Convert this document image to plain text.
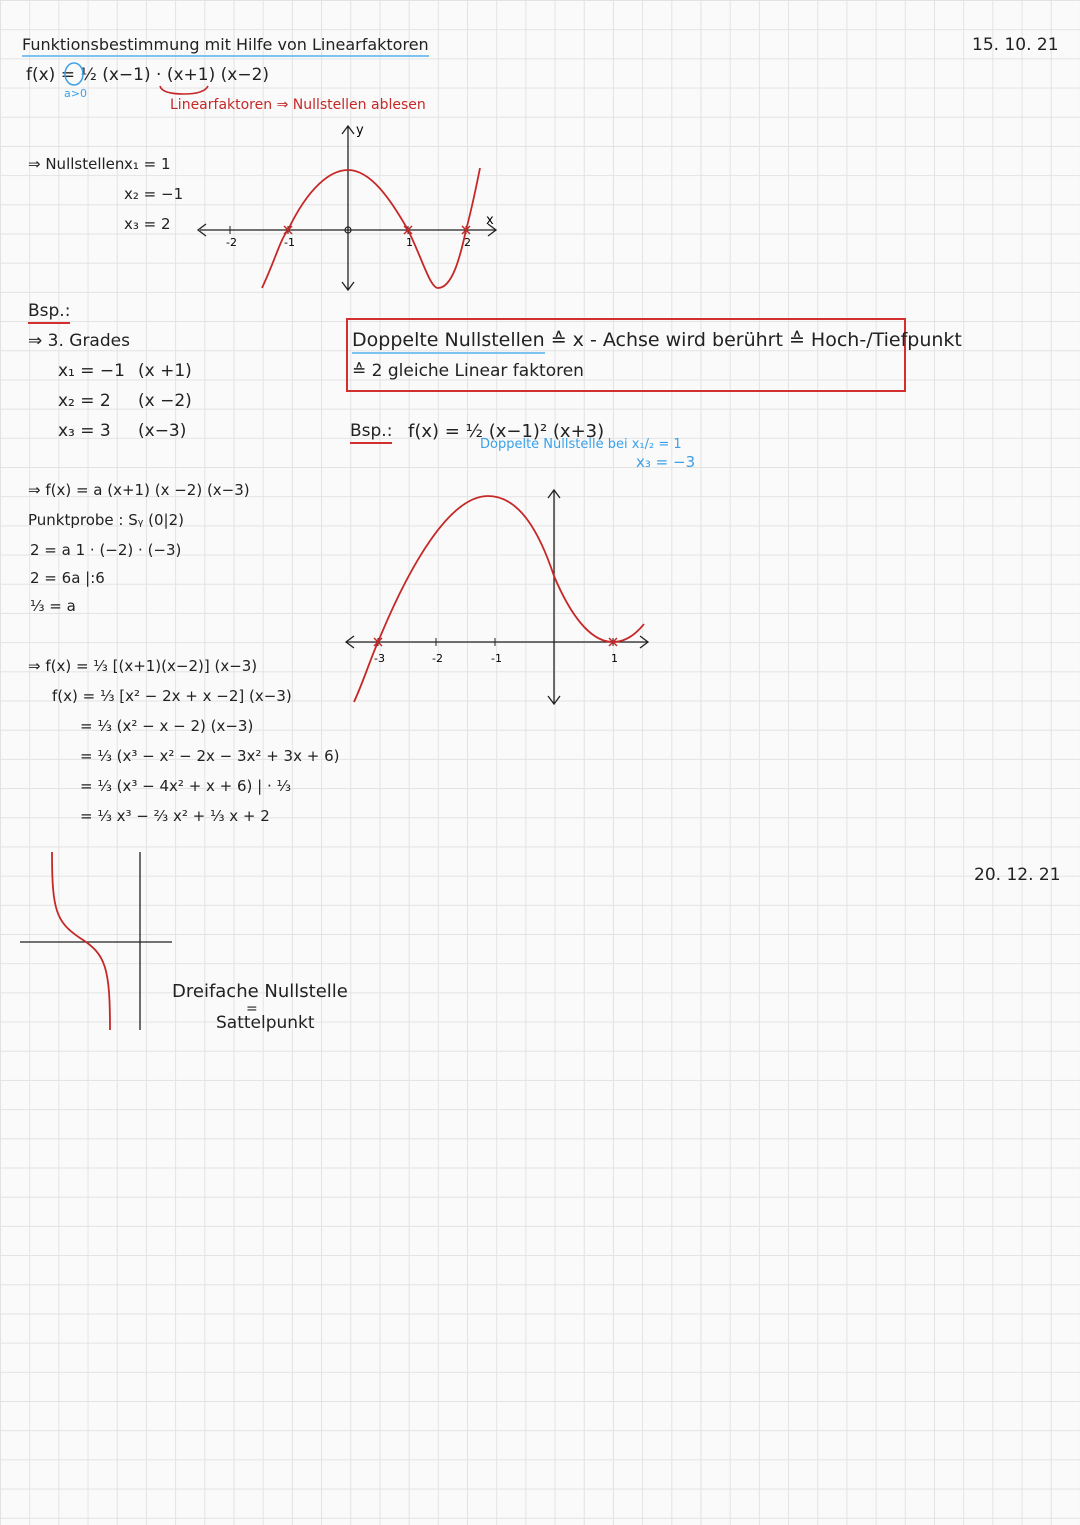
Funktionsbestimmung mit Hilfe von Linearfaktoren	15. 10. 21
f(x) = ½ (x−1) · (x+1) (x−2)
a>0
Linearfaktoren ⇒ Nullstellen ablesen
⇒ Nullstellen x₁ = 1
x₂ = −1
x₃ = 2
-2	-1	1	2
x
y
Bsp.:
⇒ 3. Grades
x₁ = −1 (x +1)
x₂ = 2 (x −2)
x₃ = 3 (x−3)
⇒ f(x) = a (x+1) (x −2) (x−3)
Punktprobe : Sᵧ (0|2)
2 = a 1 · (−2) · (−3)
2 = 6a |:6
⅓ = a
⇒ f(x) = ⅓ [(x+1)(x−2)] (x−3)
f(x) = ⅓ [x² − 2x + x −2] (x−3)
= ⅓ (x² − x − 2) (x−3)
= ⅓ (x³ − x² − 2x − 3x² + 3x + 6)
= ⅓ (x³ − 4x² + x + 6) | · ⅓
= ⅓ x³ − ⅔ x² + ⅓ x + 2
Doppelte Nullstellen ≙ x - Achse wird berührt ≙ Hoch-/Tiefpunkt
≙ 2 gleiche Linear faktoren
Bsp.: f(x) = ½ (x−1)² (x+3)
Doppelte Nullstelle bei x₁/₂ = 1
x₃ = −3
-3	-2	-1	1
20. 12. 21
Dreifache Nullstelle
=
Sattelpunkt
